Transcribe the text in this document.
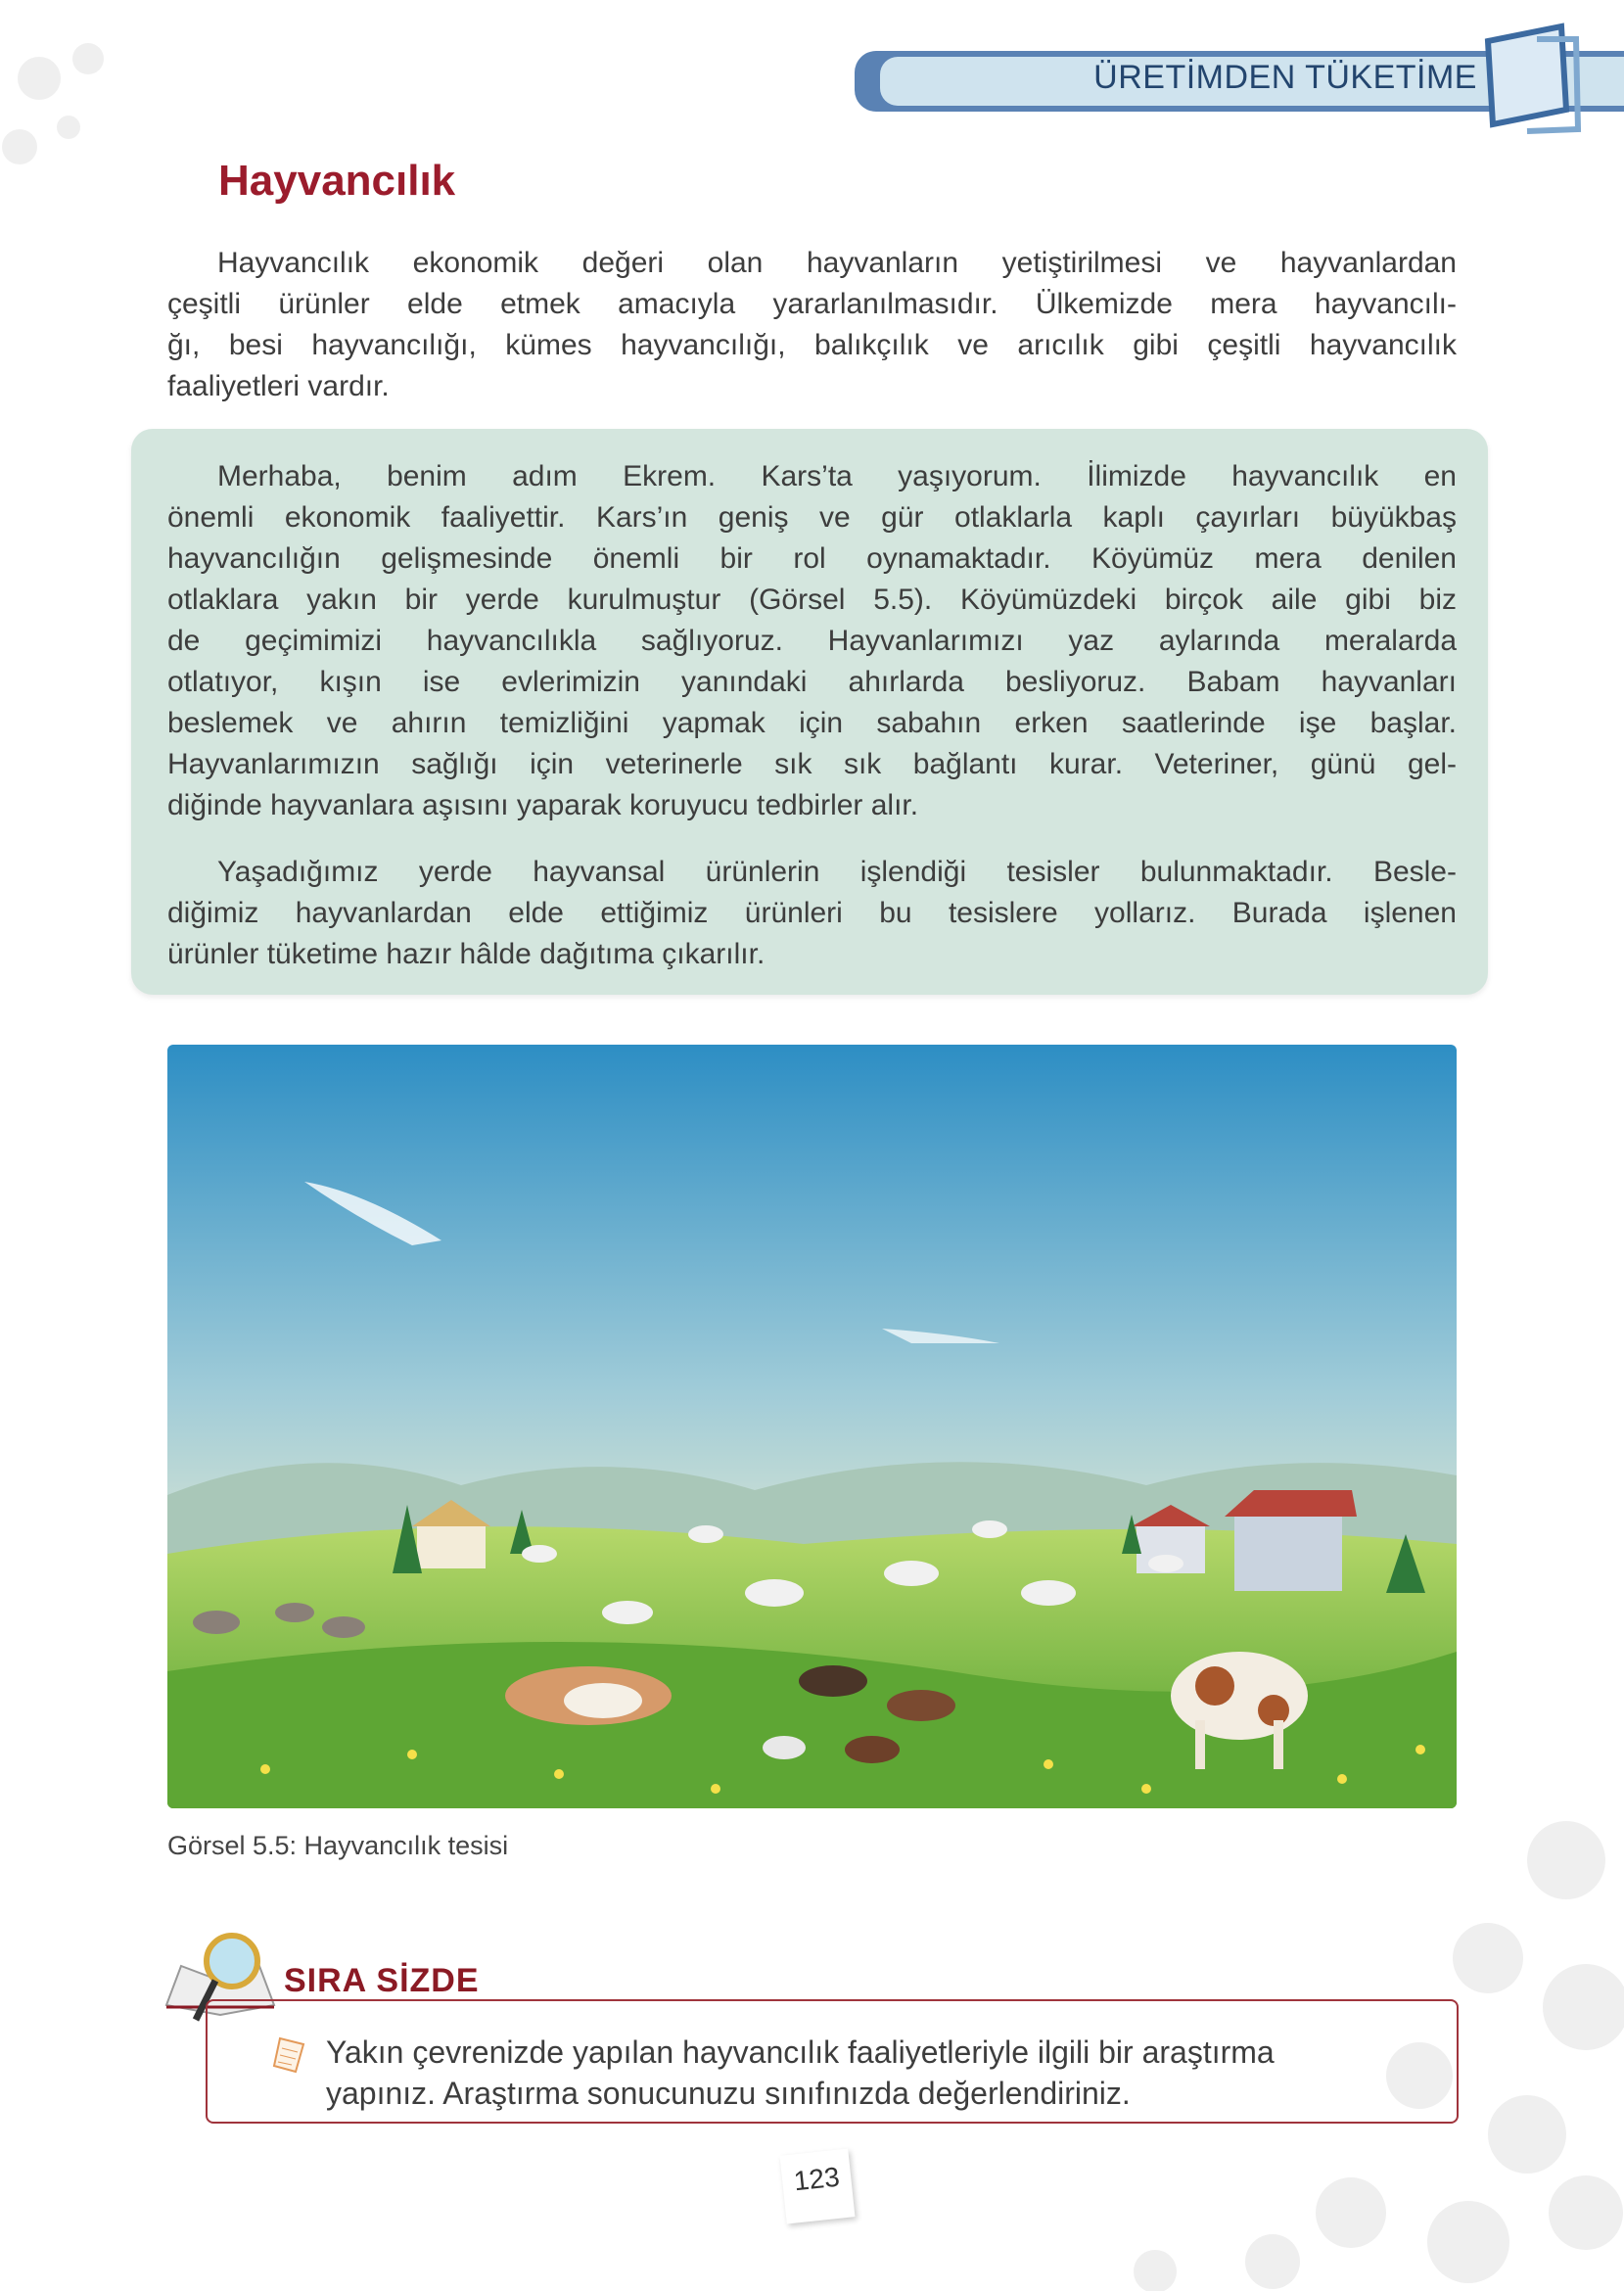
ÜRETİMDEN TÜKETİME
Hayvancılık
Hayvancılık ekonomik değeri olan hayvanların yetiştirilmesi ve hayvanlardan
çeşitli ürünler elde etmek amacıyla yararlanılmasıdır. Ülkemizde mera hayvancılı-
ğı, besi hayvancılığı, kümes hayvancılığı, balıkçılık ve arıcılık gibi çeşitli hayvancılık
faaliyetleri vardır.
Merhaba, benim adım Ekrem. Kars’ta yaşıyorum. İlimizde hayvancılık en
önemli ekonomik faaliyettir. Kars’ın geniş ve gür otlaklarla kaplı çayırları büyükbaş
hayvancılığın gelişmesinde önemli bir rol oynamaktadır. Köyümüz mera denilen
otlaklara yakın bir yerde kurulmuştur (Görsel 5.5). Köyümüzdeki birçok aile gibi biz
de geçimimizi hayvancılıkla sağlıyoruz. Hayvanlarımızı yaz aylarında meralarda
otlatıyor, kışın ise evlerimizin yanındaki ahırlarda besliyoruz. Babam hayvanları
beslemek ve ahırın temizliğini yapmak için sabahın erken saatlerinde işe başlar.
Hayvanlarımızın sağlığı için veterinerle sık sık bağlantı kurar. Veteriner, günü gel-
diğinde hayvanlara aşısını yaparak koruyucu tedbirler alır.
Yaşadığımız yerde hayvansal ürünlerin işlendiği tesisler bulunmaktadır. Besle-
diğimiz hayvanlardan elde ettiğimiz ürünleri bu tesislere yollarız. Burada işlenen
ürünler tüketime hazır hâlde dağıtıma çıkarılır.
Görsel 5.5: Hayvancılık tesisi
SIRA SİZDE
Yakın çevrenizde yapılan hayvancılık faaliyetleriyle ilgili bir araştırma
yapınız. Araştırma sonucunuzu sınıfınızda değerlendiriniz.
123
